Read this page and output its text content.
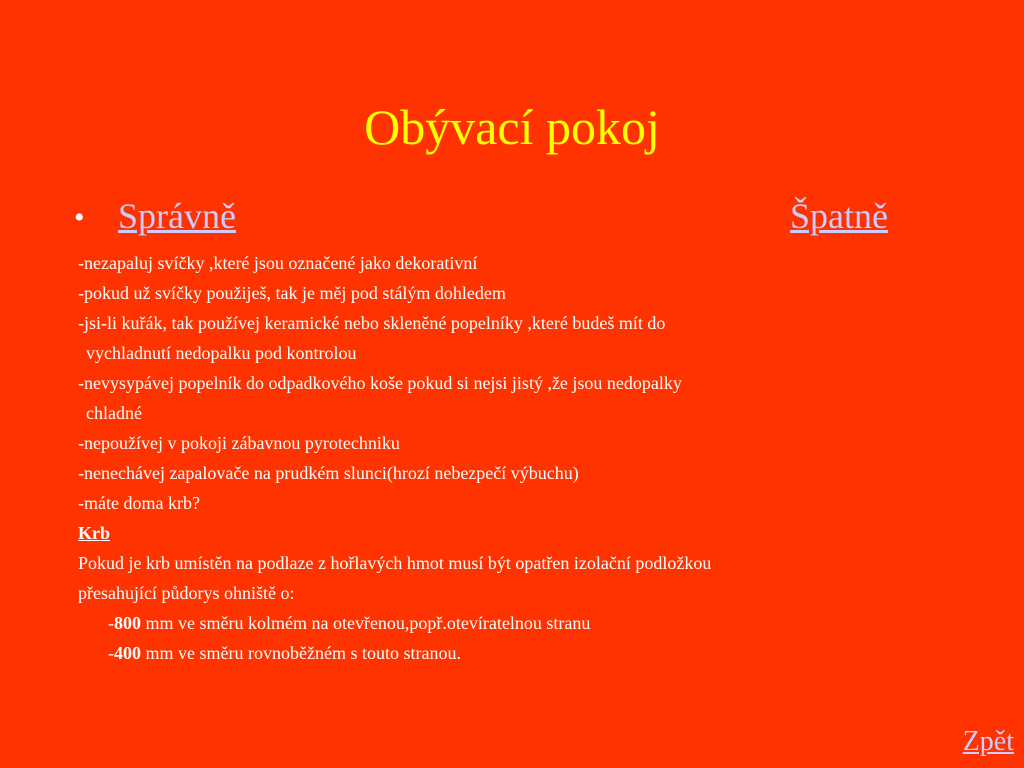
Obývací pokoj
• Správně	Špatně
-nezapaluj svíčky ,které jsou označené jako dekorativní
-pokud už svíčky použiješ, tak je měj pod stálým dohledem
-jsi-li kuřák, tak používej keramické nebo skleněné popelníky ,které budeš mít do
vychladnutí nedopalku pod kontrolou
-nevysypávej popelník do odpadkového koše pokud si nejsi jistý ,že jsou nedopalky
chladné
-nepoužívej v pokoji zábavnou pyrotechniku
-nenechávej zapalovače na prudkém slunci(hrozí nebezpečí výbuchu)
-máte doma krb?
Krb
Pokud je krb umístěn na podlaze z hořlavých hmot musí být opatřen izolační podložkou
přesahující půdorys ohniště o:
-800 mm ve směru kolmém na otevřenou,popř.otevíratelnou stranu
-400 mm ve směru rovnoběžném s touto stranou.
Zpět
